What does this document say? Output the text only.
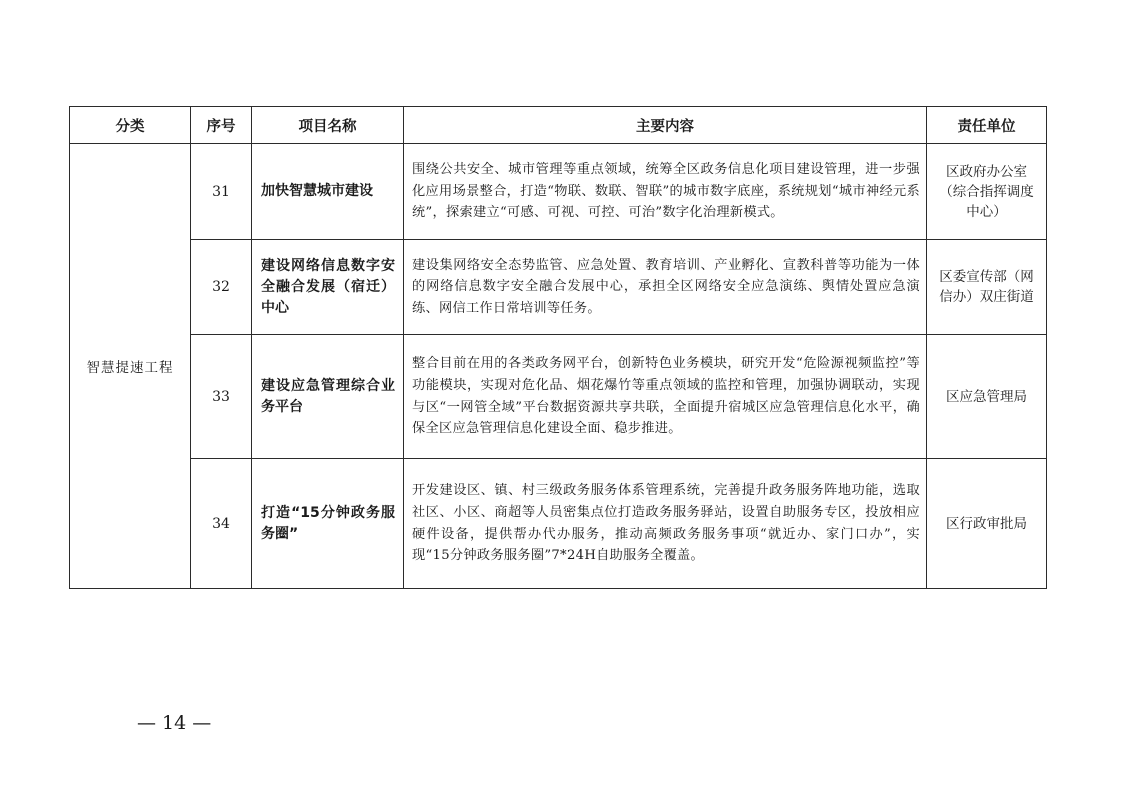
分类	序号	项目名称	主要内容	责任单位
智慧提速工程	31	加快智慧城市建设	围绕公共安全、城市管理等重点领域，统筹全区政务信息化项目建设管理，进一步强化应用场景整合，打造“物联、数联、智联”的城市数字底座，系统规划“城市神经元系统”，探索建立“可感、可视、可控、可治”数字化治理新模式。	区政府办公室（综合指挥调度中心）
	32	建设网络信息数字安全融合发展（宿迁）中心	建设集网络安全态势监管、应急处置、教育培训、产业孵化、宣教科普等功能为一体的网络信息数字安全融合发展中心，承担全区网络安全应急演练、舆情处置应急演练、网信工作日常培训等任务。	区委宣传部（网信办）双庄街道
	33	建设应急管理综合业务平台	整合目前在用的各类政务网平台，创新特色业务模块，研究开发“危险源视频监控”等功能模块，实现对危化品、烟花爆竹等重点领域的监控和管理，加强协调联动，实现与区“一网管全域”平台数据资源共享共联，全面提升宿城区应急管理信息化水平，确保全区应急管理信息化建设全面、稳步推进。	区应急管理局
	34	打造“15分钟政务服务圈”	开发建设区、镇、村三级政务服务体系管理系统，完善提升政务服务阵地功能，选取社区、小区、商超等人员密集点位打造政务服务驿站，设置自助服务专区，投放相应硬件设备，提供帮办代办服务，推动高频政务服务事项“就近办、家门口办”，实现“15分钟政务服务圈”7*24H自助服务全覆盖。	区行政审批局
— 14 —
